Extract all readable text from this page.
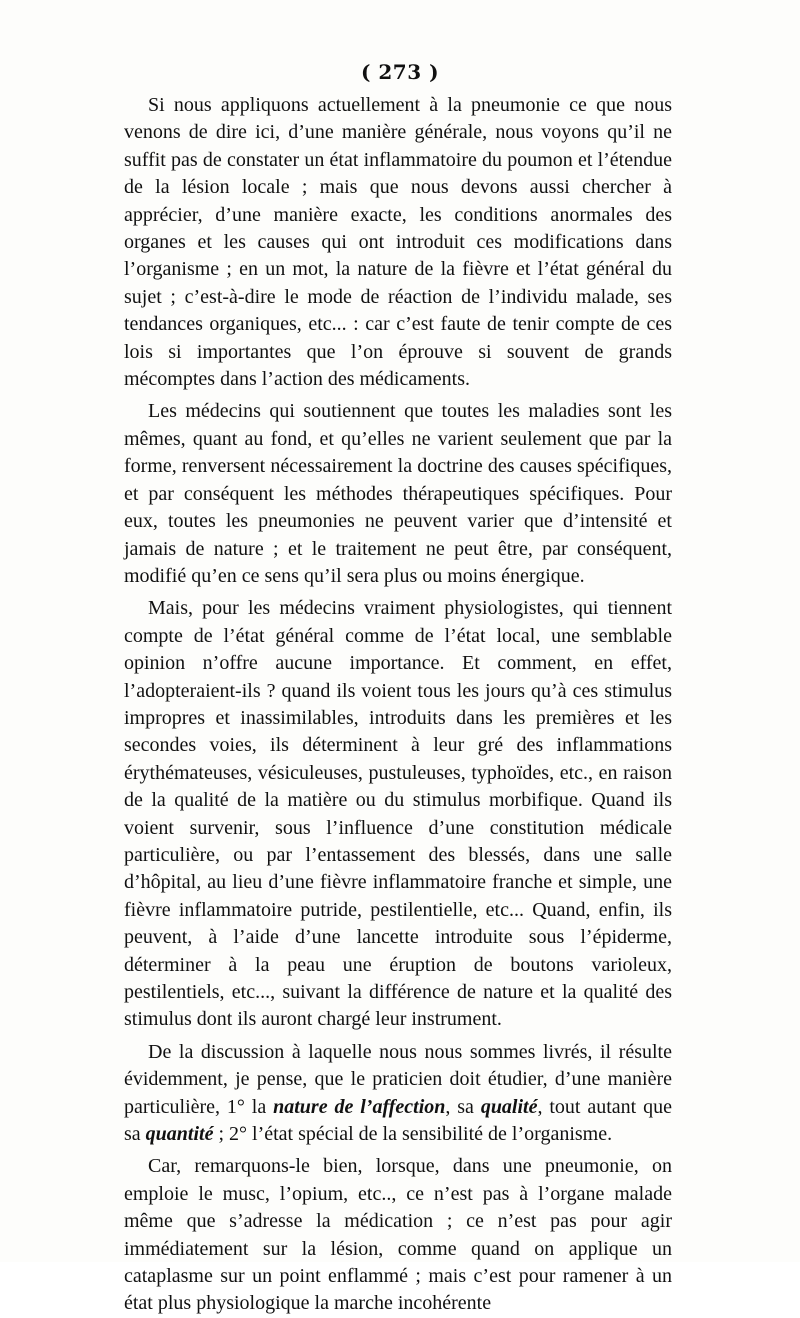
( 273 )

Si nous appliquons actuellement à la pneumonie ce que nous venons de dire ici, d’une manière générale, nous voyons qu’il ne suffit pas de constater un état inflammatoire du poumon et l’étendue de la lésion locale ; mais que nous devons aussi chercher à apprécier, d’une manière exacte, les conditions anormales des organes et les causes qui ont introduit ces modifications dans l’organisme ; en un mot, la nature de la fièvre et l’état général du sujet ; c’est-à-dire le mode de réaction de l’individu malade, ses tendances organiques, etc... : car c’est faute de tenir compte de ces lois si importantes que l’on éprouve si souvent de grands mécomptes dans l’action des médicaments.

Les médecins qui soutiennent que toutes les maladies sont les mêmes, quant au fond, et qu’elles ne varient seulement que par la forme, renversent nécessairement la doctrine des causes spécifiques, et par conséquent les méthodes thérapeutiques spécifiques. Pour eux, toutes les pneumonies ne peuvent varier que d’intensité et jamais de nature ; et le traitement ne peut être, par conséquent, modifié qu’en ce sens qu’il sera plus ou moins énergique.

Mais, pour les médecins vraiment physiologistes, qui tiennent compte de l’état général comme de l’état local, une semblable opinion n’offre aucune importance. Et comment, en effet, l’adopteraient-ils ? quand ils voient tous les jours qu’à ces stimulus impropres et inassimilables, introduits dans les premières et les secondes voies, ils déterminent à leur gré des inflammations érythémateuses, vésiculeuses, pustuleuses, typhoïdes, etc., en raison de la qualité de la matière ou du stimulus morbifique. Quand ils voient survenir, sous l’influence d’une constitution médicale particulière, ou par l’entassement des blessés, dans une salle d’hôpital, au lieu d’une fièvre inflammatoire franche et simple, une fièvre inflammatoire putride, pestilentielle, etc... Quand, enfin, ils peuvent, à l’aide d’une lancette introduite sous l’épiderme, déterminer à la peau une éruption de boutons varioleux, pestilentiels, etc..., suivant la différence de nature et la qualité des stimulus dont ils auront chargé leur instrument.

De la discussion à laquelle nous nous sommes livrés, il résulte évidemment, je pense, que le praticien doit étudier, d’une manière particulière, 1° la nature de l’affection, sa qualité, tout autant que sa quantité ; 2° l’état spécial de la sensibilité de l’organisme.

Car, remarquons-le bien, lorsque, dans une pneumonie, on emploie le musc, l’opium, etc.., ce n’est pas à l’organe malade même que s’adresse la médication ; ce n’est pas pour agir immédiatement sur la lésion, comme quand on applique un cataplasme sur un point enflammé ; mais c’est pour ramener à un état plus physiologique la marche incohérente
